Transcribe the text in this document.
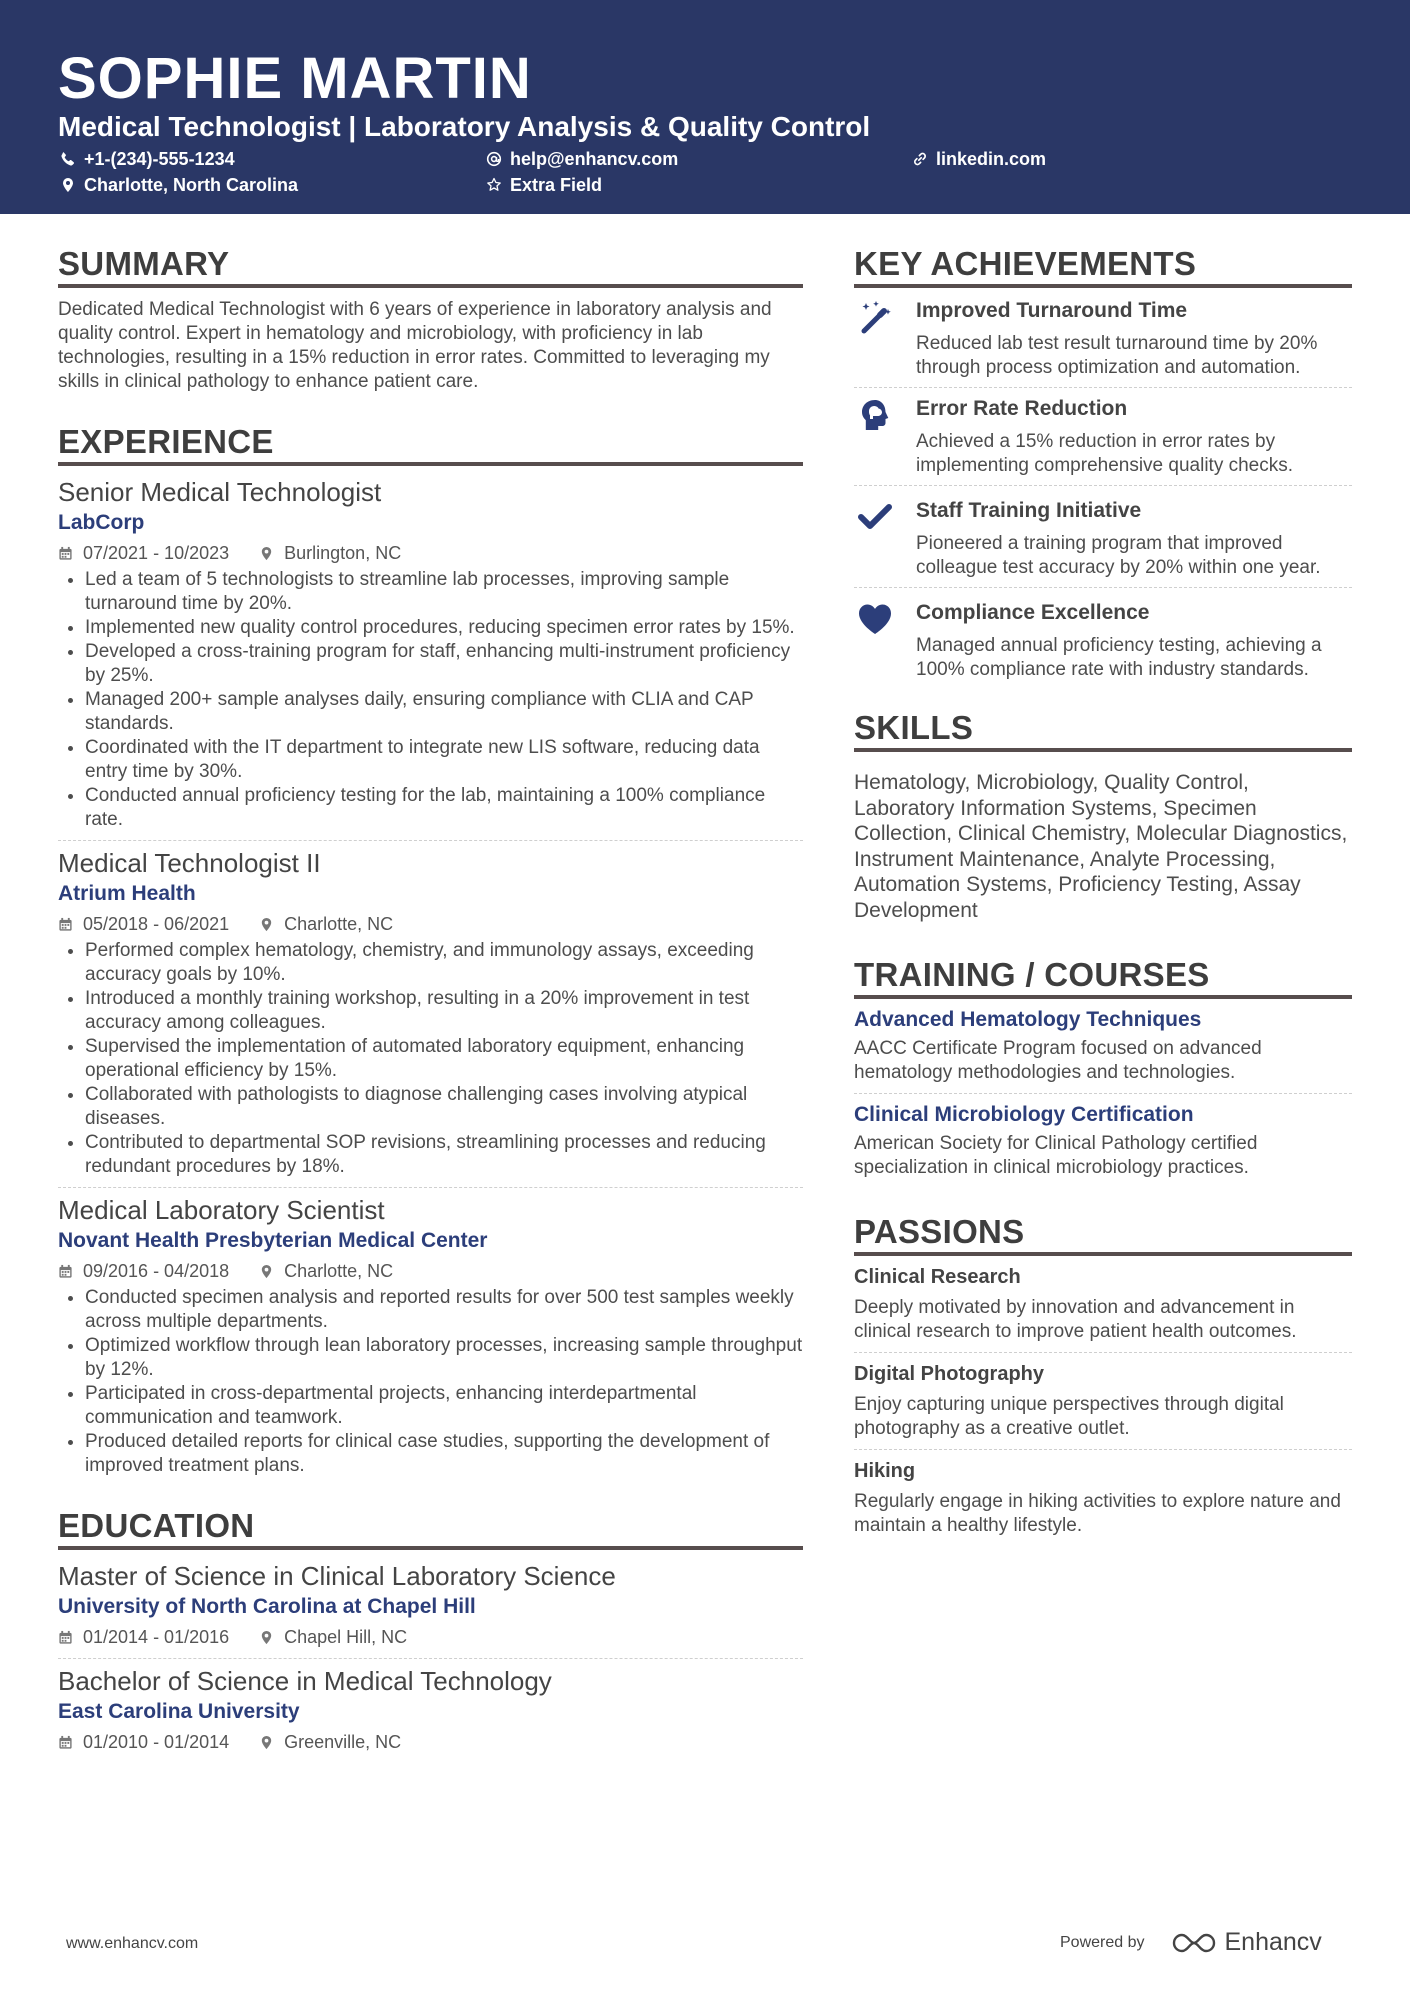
SOPHIE MARTIN
Medical Technologist | Laboratory Analysis & Quality Control
+1-(234)-555-1234	help@enhancv.com	linkedin.com
Charlotte, North Carolina	Extra Field
SUMMARY
Dedicated Medical Technologist with 6 years of experience in laboratory analysis and quality control. Expert in hematology and microbiology, with proficiency in lab technologies, resulting in a 15% reduction in error rates. Committed to leveraging my skills in clinical pathology to enhance patient care.
EXPERIENCE
Senior Medical Technologist
LabCorp
07/2021 - 10/2023	Burlington, NC
• Led a team of 5 technologists to streamline lab processes, improving sample turnaround time by 20%.
• Implemented new quality control procedures, reducing specimen error rates by 15%.
• Developed a cross-training program for staff, enhancing multi-instrument proficiency by 25%.
• Managed 200+ sample analyses daily, ensuring compliance with CLIA and CAP standards.
• Coordinated with the IT department to integrate new LIS software, reducing data entry time by 30%.
• Conducted annual proficiency testing for the lab, maintaining a 100% compliance rate.
Medical Technologist II
Atrium Health
05/2018 - 06/2021	Charlotte, NC
• Performed complex hematology, chemistry, and immunology assays, exceeding accuracy goals by 10%.
• Introduced a monthly training workshop, resulting in a 20% improvement in test accuracy among colleagues.
• Supervised the implementation of automated laboratory equipment, enhancing operational efficiency by 15%.
• Collaborated with pathologists to diagnose challenging cases involving atypical diseases.
• Contributed to departmental SOP revisions, streamlining processes and reducing redundant procedures by 18%.
Medical Laboratory Scientist
Novant Health Presbyterian Medical Center
09/2016 - 04/2018	Charlotte, NC
• Conducted specimen analysis and reported results for over 500 test samples weekly across multiple departments.
• Optimized workflow through lean laboratory processes, increasing sample throughput by 12%.
• Participated in cross-departmental projects, enhancing interdepartmental communication and teamwork.
• Produced detailed reports for clinical case studies, supporting the development of improved treatment plans.
EDUCATION
Master of Science in Clinical Laboratory Science
University of North Carolina at Chapel Hill
01/2014 - 01/2016	Chapel Hill, NC
Bachelor of Science in Medical Technology
East Carolina University
01/2010 - 01/2014	Greenville, NC
KEY ACHIEVEMENTS
Improved Turnaround Time
Reduced lab test result turnaround time by 20% through process optimization and automation.
Error Rate Reduction
Achieved a 15% reduction in error rates by implementing comprehensive quality checks.
Staff Training Initiative
Pioneered a training program that improved colleague test accuracy by 20% within one year.
Compliance Excellence
Managed annual proficiency testing, achieving a 100% compliance rate with industry standards.
SKILLS
Hematology, Microbiology, Quality Control, Laboratory Information Systems, Specimen Collection, Clinical Chemistry, Molecular Diagnostics, Instrument Maintenance, Analyte Processing, Automation Systems, Proficiency Testing, Assay Development
TRAINING / COURSES
Advanced Hematology Techniques
AACC Certificate Program focused on advanced hematology methodologies and technologies.
Clinical Microbiology Certification
American Society for Clinical Pathology certified specialization in clinical microbiology practices.
PASSIONS
Clinical Research
Deeply motivated by innovation and advancement in clinical research to improve patient health outcomes.
Digital Photography
Enjoy capturing unique perspectives through digital photography as a creative outlet.
Hiking
Regularly engage in hiking activities to explore nature and maintain a healthy lifestyle.
www.enhancv.com	Powered by	Enhancv
